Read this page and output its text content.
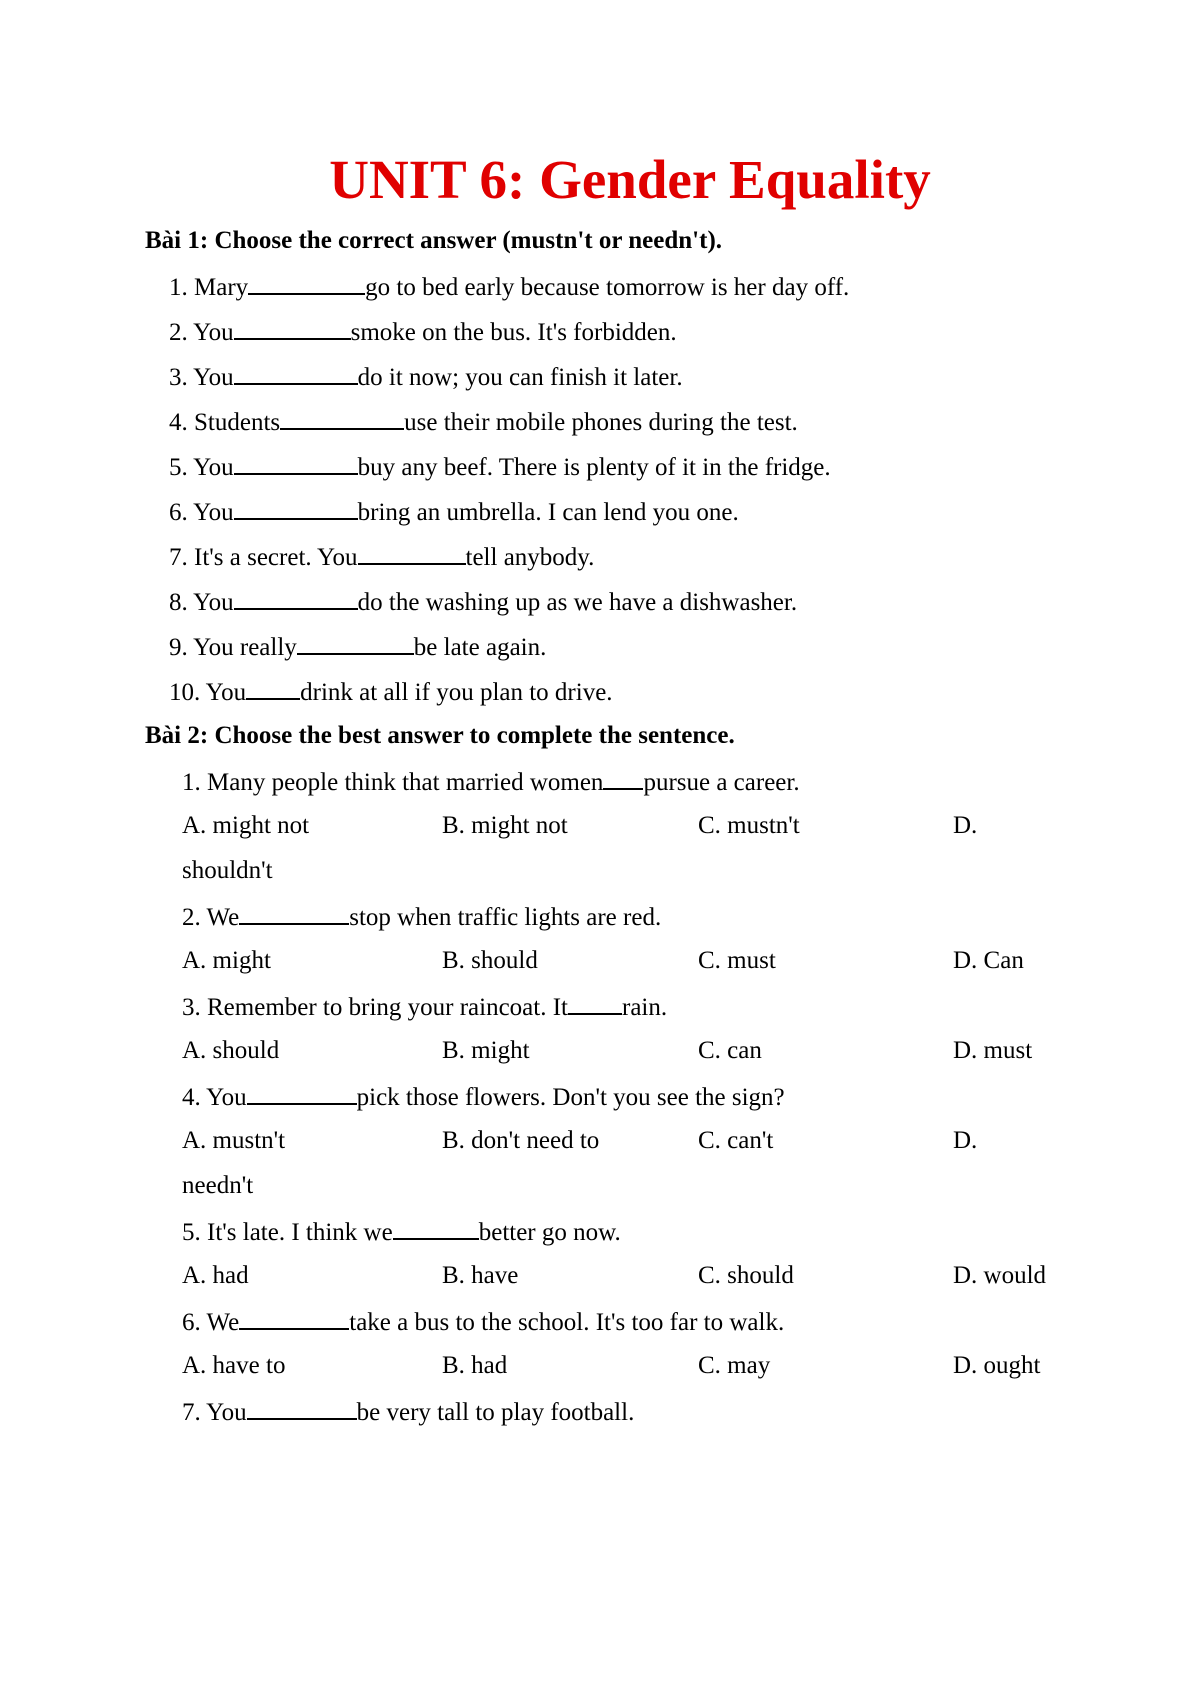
UNIT 6: Gender Equality
Bài 1: Choose the correct answer (mustn't or needn't).
1. Mary	go to bed early because tomorrow is her day off.
2. You	smoke on the bus. It's forbidden.
3. You	do it now; you can finish it later.
4. Students	use their mobile phones during the test.
5. You	buy any beef. There is plenty of it in the fridge.
6. You	bring an umbrella. I can lend you one.
7. It's a secret. You	tell anybody.
8. You	do the washing up as we have a dishwasher.
9. You really	be late again.
10. You drink at all if you plan to drive.
Bài 2: Choose the best answer to complete the sentence.
1. Many people think that married women pursue a career.
A. might not	B. might not	C. mustn't	D.
shouldn't
2. We	stop when traffic lights are red.
A. might	B. should	C. must	D. Can
3. Remember to bring your raincoat. It rain.
A. should	B. might	C. can	D. must
4. You	pick those flowers. Don't you see the sign?
A. mustn't	B. don't need to	C. can't	D.
needn't
5. It's late. I think we	better go now.
A. had	B. have	C. should	D. would
6. We	take a bus to the school. It's too far to walk.
A. have to	B. had	C. may	D. ought
7. You	be very tall to play football.
